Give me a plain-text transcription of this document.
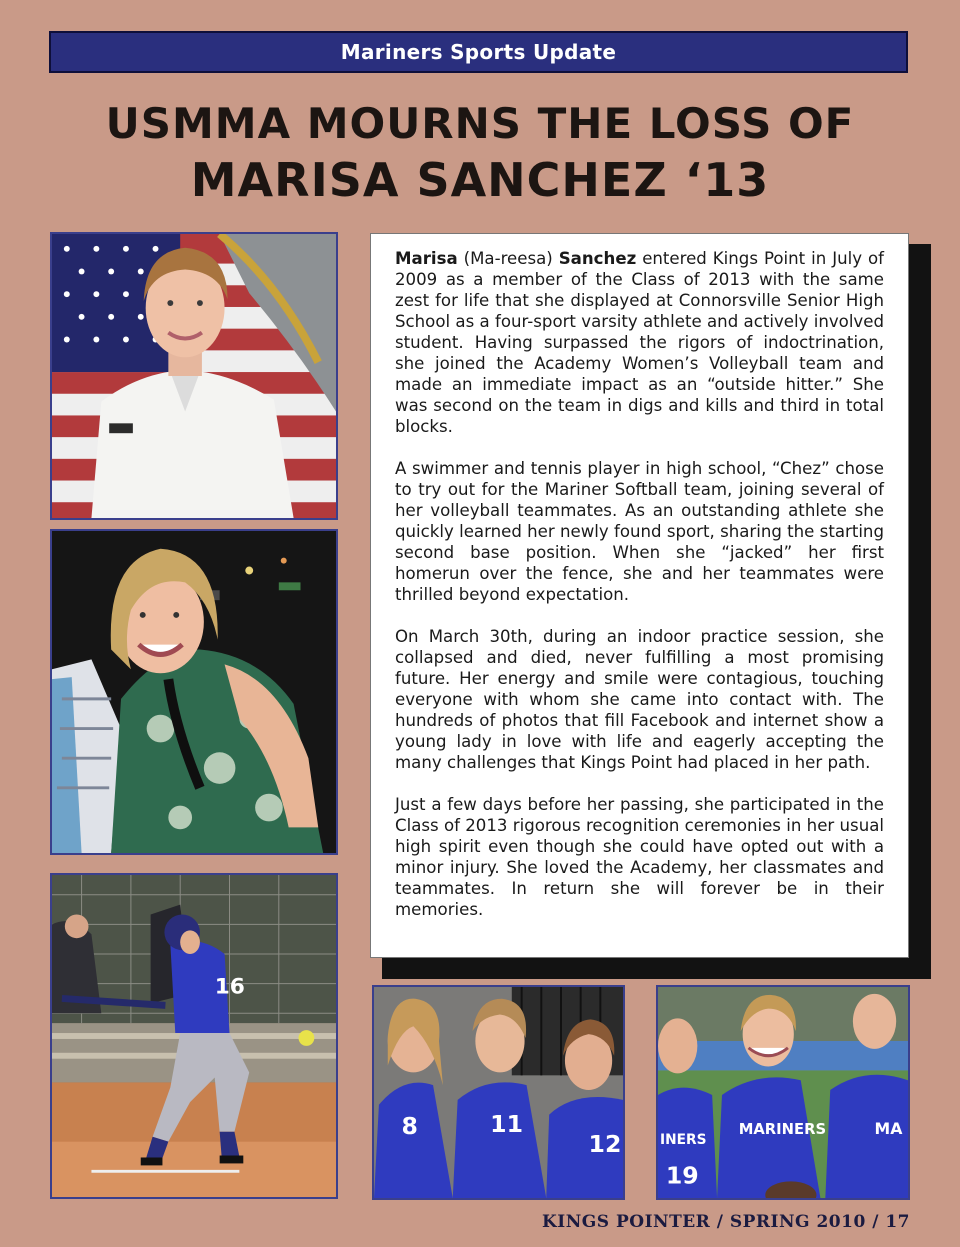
Mariners Sports Update
USMMA MOURNS THE LOSS OF
MARISA SANCHEZ ‘13
16

Marisa (Ma-reesa) Sanchez entered Kings Point in July of 2009 as a member of the Class of 2013 with the same zest for life that she displayed at Connorsville Senior High School as a four-sport varsity athlete and actively involved student. Having surpassed the rigors of indoctrination, she joined the Academy Women’s Volleyball team and made an immediate impact as an “outside hitter.” She was second on the team in digs and kills and third in total blocks.

A swimmer and tennis player in high school, “Chez” chose to try out for the Mariner Softball team, joining several of her volleyball teammates. As an outstanding athlete she quickly learned her newly found sport, sharing the starting second base position. When she “jacked” her first homerun over the fence, she and her teammates were thrilled beyond expectation.

On March 30th, during an indoor practice session, she collapsed and died, never fulfilling a most promising future. Her energy and smile were contagious, touching everyone with whom she came into contact with. The hundreds of photos that fill Facebook and internet show a young lady in love with life and eagerly accepting the many challenges that Kings Point had placed in her path.

Just a few days before her passing, she participated in the Class of 2013 rigorous recognition ceremonies in her usual high spirit even though she could have opted out with a minor injury. She loved the Academy, her classmates and teammates. In return she will forever be in their memories.

8	11
12	INERS
19
MARINERS	MA
KINGS POINTER / SPRING 2010 / 17
